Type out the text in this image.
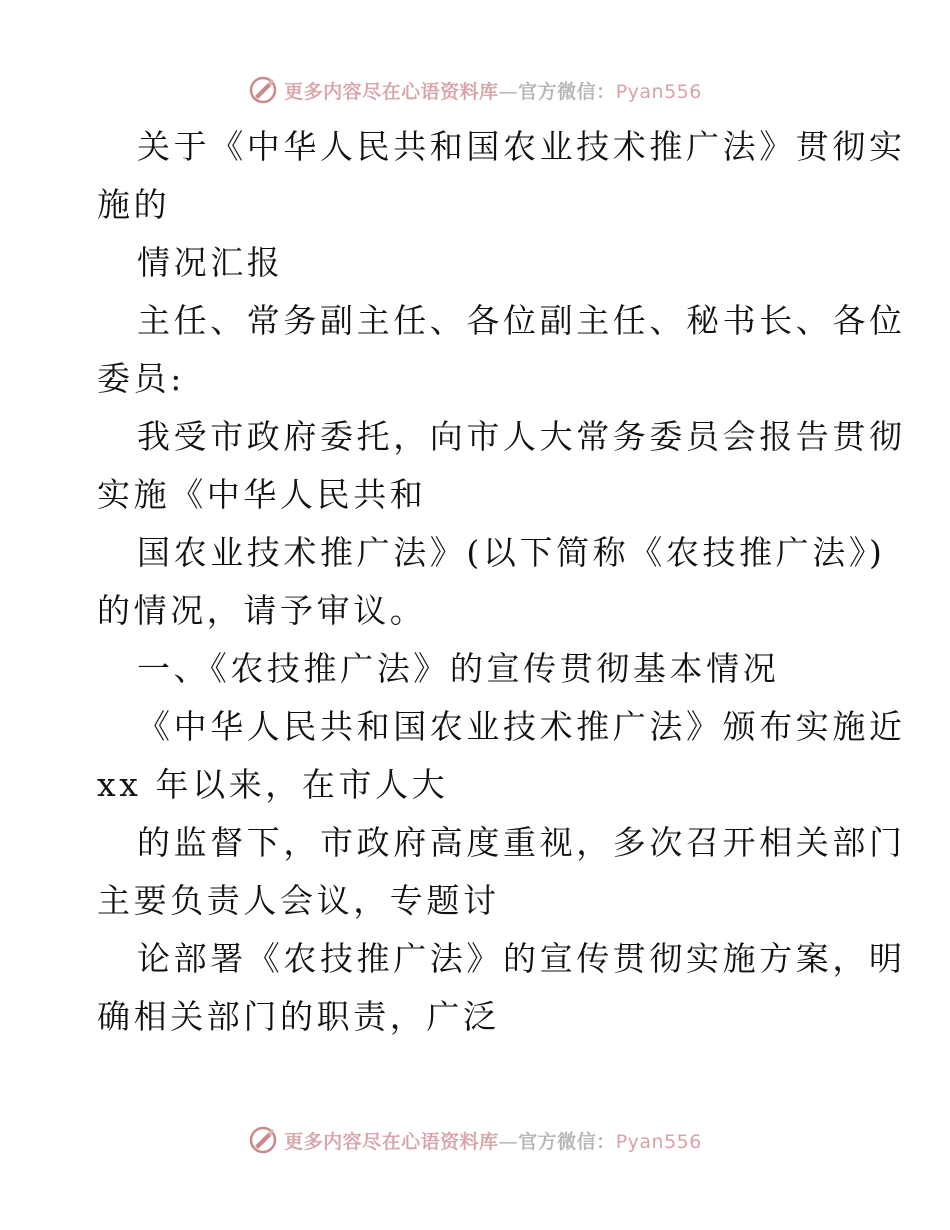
更多内容尽在心语资料库—官方微信：Pyan556
关于《中华人民共和国农业技术推广法》贯彻实
施的
情况汇报
主任、常务副主任、各位副主任、秘书长、各位
委员:
我受市政府委托，向市人大常务委员会报告贯彻
实施《中华人民共和
国农业技术推广法》(以下简称《农技推广法》)
的情况，请予审议。
一、《农技推广法》的宣传贯彻基本情况
《中华人民共和国农业技术推广法》颁布实施近
xx 年以来，在市人大
的监督下，市政府高度重视，多次召开相关部门
主要负责人会议，专题讨
论部署《农技推广法》的宣传贯彻实施方案，明
确相关部门的职责，广泛
更多内容尽在心语资料库—官方微信：Pyan556
